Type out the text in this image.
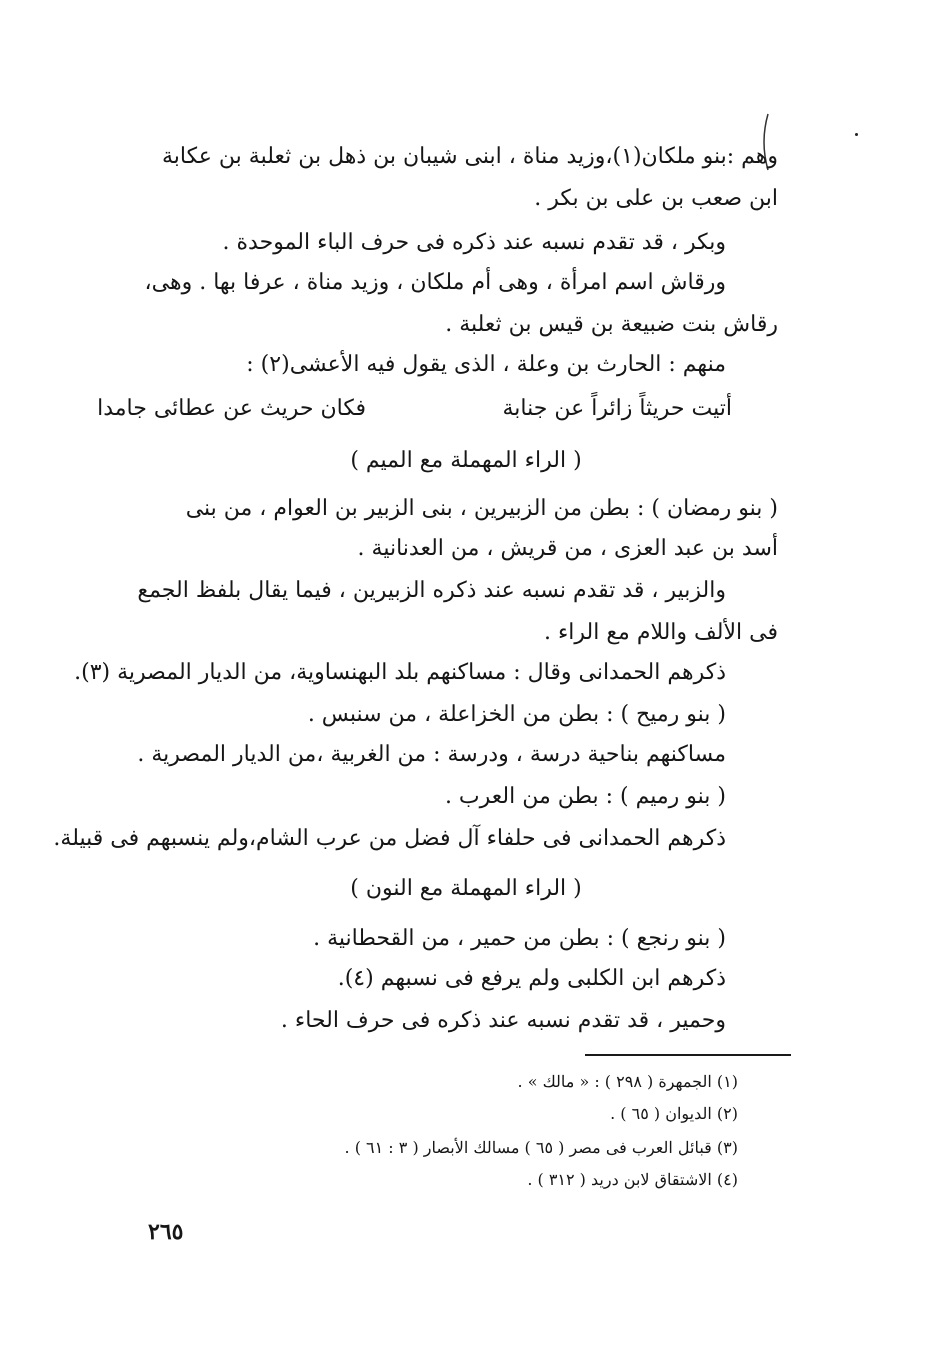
وهم :بنو ملكان(١)،وزيد مناة ، ابنى شيبان بن ذهل بن ثعلبة بن عكابة
ابن صعب بن على بن بكر .
وبكر ، قد تقدم نسبه عند ذكره فى حرف الباء الموحدة .
ورقاش اسم امرأة ، وهى أم ملكان ، وزيد مناة ، عرفا بها . وهى،
رقاش بنت ضبيعة بن قيس بن ثعلبة .
منهم : الحارث بن وعلة ، الذى يقول فيه الأعشى(٢) :
أتيت حريثاً زائراً عن جنابة
فكان حريث عن عطائى جامدا
( الراء المهملة مع الميم )
( بنو رمضان ) : بطن من الزبيرين ، بنى الزبير بن العوام ، من بنى
أسد بن عبد العزى ، من قريش ، من العدنانية .
والزبير ، قد تقدم نسبه عند ذكره الزبيرين ، فيما يقال بلفظ الجمع
فى الألف واللام مع الراء .
ذكرهم الحمدانى وقال : مساكنهم بلد البهنساوية، من الديار المصرية (٣).
( بنو رميح ) : بطن من الخزاعلة ، من سنبس .
مساكنهم بناحية درسة ، ودرسة : من الغربية ،من الديار المصرية .
( بنو رميم ) : بطن من العرب .
ذكرهم الحمدانى فى حلفاء آل فضل من عرب الشام،ولم ينسبهم فى قبيلة.
( الراء المهملة مع النون )
( بنو رنجع ) : بطن من حمير ، من القحطانية .
ذكرهم ابن الكلبى ولم يرفع فى نسبهم (٤).
وحمير ، قد تقدم نسبه عند ذكره فى حرف الحاء .
(١) الجمهرة ( ٢٩٨ ) : « مالك » .
(٢) الديوان ( ٦٥ ) .
(٣) قبائل العرب فى مصر ( ٦٥ ) مسالك الأبصار ( ٣ : ٦١ ) .
(٤) الاشتقاق لابن دريد ( ٣١٢ ) .
٢٦٥
